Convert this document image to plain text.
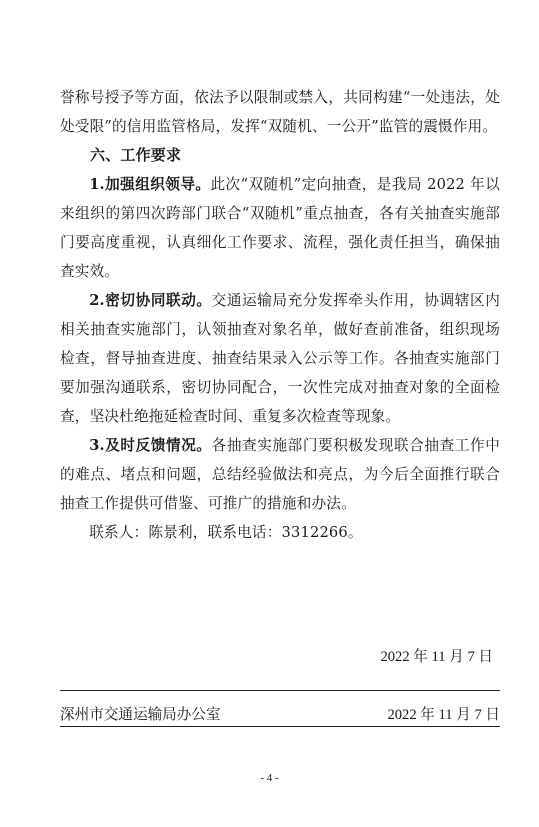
誉称号授予等方面，依法予以限制或禁入，共同构建“一处违法，处处受限”的信用监管格局，发挥“双随机、一公开”监管的震慑作用。

六、工作要求

1.加强组织领导。此次“双随机”定向抽查，是我局 2022 年以来组织的第四次跨部门联合“双随机”重点抽查，各有关抽查实施部门要高度重视，认真细化工作要求、流程，强化责任担当，确保抽查实效。

2.密切协同联动。交通运输局充分发挥牵头作用，协调辖区内相关抽查实施部门，认领抽查对象名单，做好查前准备，组织现场检查，督导抽查进度、抽查结果录入公示等工作。各抽查实施部门要加强沟通联系，密切协同配合，一次性完成对抽查对象的全面检查，坚决杜绝拖延检查时间、重复多次检查等现象。

3.及时反馈情况。各抽查实施部门要积极发现联合抽查工作中的难点、堵点和问题，总结经验做法和亮点，为今后全面推行联合抽查工作提供可借鉴、可推广的措施和办法。

联系人：陈景利，联系电话：3312266。

2022 年 11 月 7 日
深州市交通运输局办公室	2022 年 11 月 7 日
- 4 -
